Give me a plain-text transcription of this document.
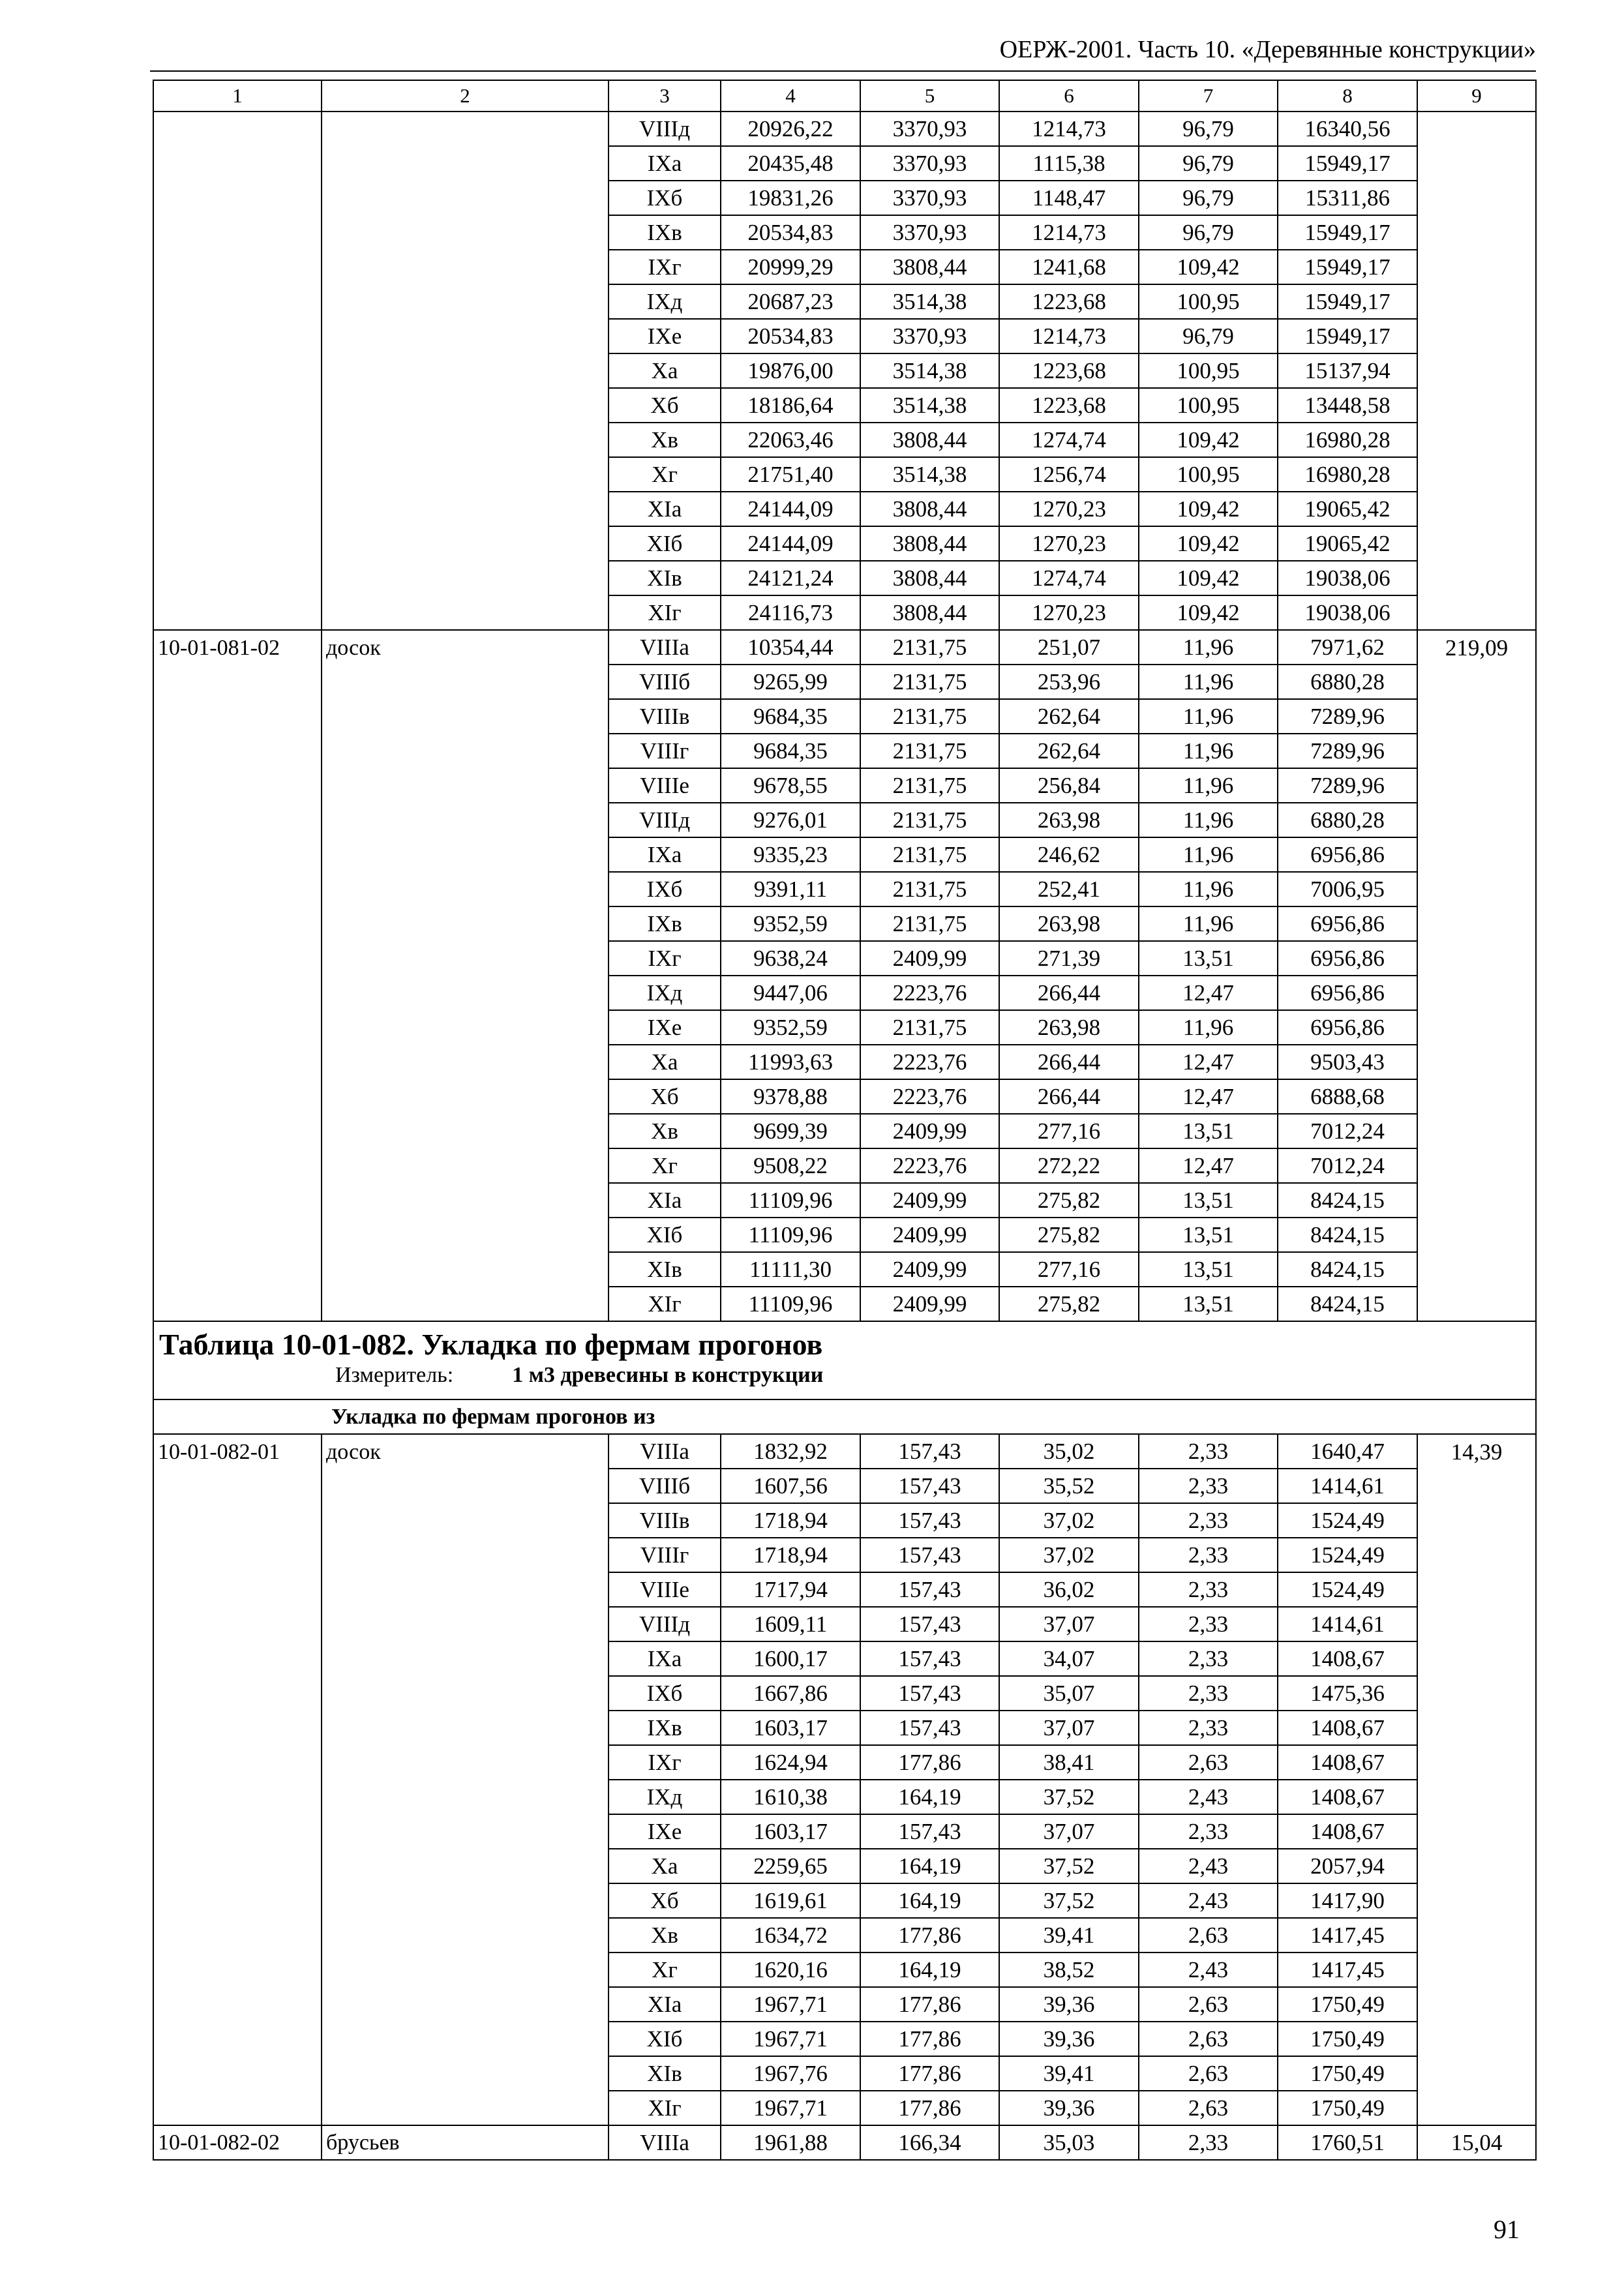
ОЕРЖ-2001. Часть 10. «Деревянные конструкции»
1	2	3	4	5	6	7	8	9
		VIIIд	20926,22	3370,93	1214,73	96,79	16340,56	
		IXа	20435,48	3370,93	1115,38	96,79	15949,17	
		IXб	19831,26	3370,93	1148,47	96,79	15311,86	
		IXв	20534,83	3370,93	1214,73	96,79	15949,17	
		IXг	20999,29	3808,44	1241,68	109,42	15949,17	
		IXд	20687,23	3514,38	1223,68	100,95	15949,17	
		IXе	20534,83	3370,93	1214,73	96,79	15949,17	
		Xа	19876,00	3514,38	1223,68	100,95	15137,94	
		Xб	18186,64	3514,38	1223,68	100,95	13448,58	
		Xв	22063,46	3808,44	1274,74	109,42	16980,28	
		Xг	21751,40	3514,38	1256,74	100,95	16980,28	
		XIа	24144,09	3808,44	1270,23	109,42	19065,42	
		XIб	24144,09	3808,44	1270,23	109,42	19065,42	
		XIв	24121,24	3808,44	1274,74	109,42	19038,06	
		XIг	24116,73	3808,44	1270,23	109,42	19038,06	
10-01-081-02	досок	VIIIа	10354,44	2131,75	251,07	11,96	7971,62	219,09
		VIIIб	9265,99	2131,75	253,96	11,96	6880,28	
		VIIIв	9684,35	2131,75	262,64	11,96	7289,96	
		VIIIг	9684,35	2131,75	262,64	11,96	7289,96	
		VIIIе	9678,55	2131,75	256,84	11,96	7289,96	
		VIIIд	9276,01	2131,75	263,98	11,96	6880,28	
		IXа	9335,23	2131,75	246,62	11,96	6956,86	
		IXб	9391,11	2131,75	252,41	11,96	7006,95	
		IXв	9352,59	2131,75	263,98	11,96	6956,86	
		IXг	9638,24	2409,99	271,39	13,51	6956,86	
		IXд	9447,06	2223,76	266,44	12,47	6956,86	
		IXе	9352,59	2131,75	263,98	11,96	6956,86	
		Xа	11993,63	2223,76	266,44	12,47	9503,43	
		Xб	9378,88	2223,76	266,44	12,47	6888,68	
		Xв	9699,39	2409,99	277,16	13,51	7012,24	
		Xг	9508,22	2223,76	272,22	12,47	7012,24	
		XIа	11109,96	2409,99	275,82	13,51	8424,15	
		XIб	11109,96	2409,99	275,82	13,51	8424,15	
		XIв	11111,30	2409,99	277,16	13,51	8424,15	
		XIг	11109,96	2409,99	275,82	13,51	8424,15	

Таблица 10-01-082. Укладка по фермам прогонов
Измеритель: 1 м3 древесины в конструкции								

Укладка по фермам прогонов из								
10-01-082-01	досок	VIIIа	1832,92	157,43	35,02	2,33	1640,47	14,39
		VIIIб	1607,56	157,43	35,52	2,33	1414,61	
		VIIIв	1718,94	157,43	37,02	2,33	1524,49	
		VIIIг	1718,94	157,43	37,02	2,33	1524,49	
		VIIIе	1717,94	157,43	36,02	2,33	1524,49	
		VIIIд	1609,11	157,43	37,07	2,33	1414,61	
		IXа	1600,17	157,43	34,07	2,33	1408,67	
		IXб	1667,86	157,43	35,07	2,33	1475,36	
		IXв	1603,17	157,43	37,07	2,33	1408,67	
		IXг	1624,94	177,86	38,41	2,63	1408,67	
		IXд	1610,38	164,19	37,52	2,43	1408,67	
		IXе	1603,17	157,43	37,07	2,33	1408,67	
		Xа	2259,65	164,19	37,52	2,43	2057,94	
		Xб	1619,61	164,19	37,52	2,43	1417,90	
		Xв	1634,72	177,86	39,41	2,63	1417,45	
		Xг	1620,16	164,19	38,52	2,43	1417,45	
		XIа	1967,71	177,86	39,36	2,63	1750,49	
		XIб	1967,71	177,86	39,36	2,63	1750,49	
		XIв	1967,76	177,86	39,41	2,63	1750,49	
		XIг	1967,71	177,86	39,36	2,63	1750,49	
10-01-082-02	брусьев	VIIIа	1961,88	166,34	35,03	2,33	1760,51	15,04
91
